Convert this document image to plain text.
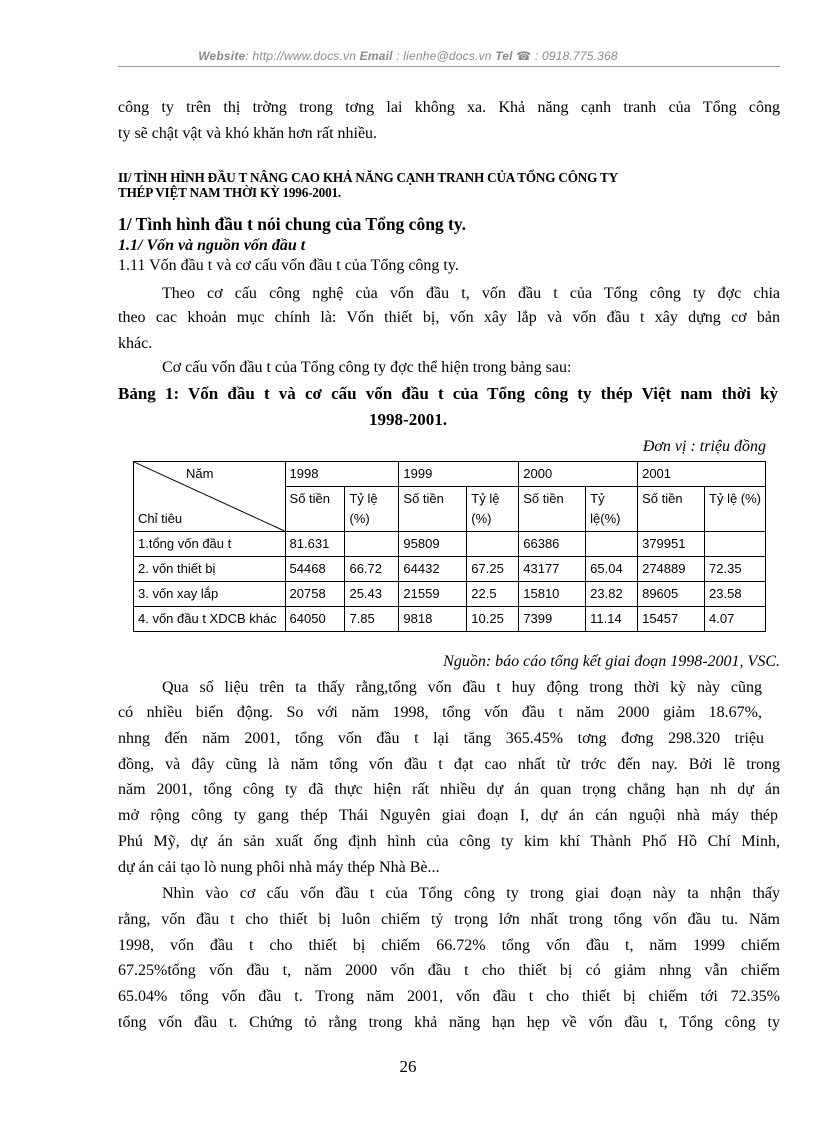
Website: http://www.docs.vn Email : lienhe@docs.vn Tel ☎ : 0918.775.368
công ty trên thị trờng trong tơng lai không xa. Khả năng cạnh tranh của Tổng công
ty sẽ chật vật và khó khăn hơn rất nhiều.
II/ TÌNH HÌNH ĐẦU T NÂNG CAO KHẢ NĂNG CẠNH TRANH CỦA TỔNG CÔNG TY
THÉP VIỆT NAM THỜI KỲ 1996-2001.
1/ Tình hình đầu t nói chung của Tổng công ty.
1.1/ Vốn và nguồn vốn đầu t
1.11 Vốn đầu t và cơ cấu vốn đầu t của Tổng công ty.
Theo cơ cấu công nghệ của vốn đầu t, vốn đầu t của Tổng công ty đợc chia
theo cac khoản mục chính là: Vốn thiết bị, vốn xây lắp và vốn đầu t xây dựng cơ bản
khác.
Cơ cấu vốn đầu t của Tổng công ty đợc thể hiện trong bảng sau:
Bảng 1: Vốn đầu t và cơ cấu vốn đầu t của Tổng công ty thép Việt nam thời kỳ
1998-2001.
Đơn vị : triệu đồng
Năm
Chỉ tiêu	1998		1999		2000		2001	
	Số tiền	Tỷ lệ (%)	Số tiền	Tỷ lệ (%)	Số tiền	Tỷ lệ(%)	Số tiền	Tỷ lệ (%)
1.tổng vốn đầu t	81.631		95809		66386		379951	
2. vốn thiết bị	54468	66.72	64432	67.25	43177	65.04	274889	72.35
3. vốn xay lắp	20758	25.43	21559	22.5	15810	23.82	89605	23.58
4. vốn đầu t XDCB khác	64050	7.85	9818	10.25	7399	11.14	15457	4.07
Nguồn: báo cáo tổng kết giai đoạn 1998-2001, VSC.
Qua số liệu trên ta thấy rằng,tổng vốn đầu t huy động trong thời kỳ này cũng
có nhiều biến động. So với năm 1998, tổng vốn đầu t năm 2000 giảm 18.67%,
nhng đến năm 2001, tổng vốn đầu t lại tăng 365.45% tơng đơng 298.320 triệu
đồng, và đây cũng là năm tổng vốn đầu t đạt cao nhất từ trớc đến nay. Bởi lẽ trong
năm 2001, tổng công ty đã thực hiện rất nhiều dự án quan trọng chẳng hạn nh dự án
mở rộng công ty gang thép Thái Nguyên giai đoạn I, dự án cán nguội nhà máy thép
Phú Mỹ, dự án sản xuất ống định hình của công ty kim khí Thành Phố Hồ Chí Minh,
dự án cải tạo lò nung phôi nhà máy thép Nhà Bè...
Nhìn vào cơ cấu vốn đầu t của Tổng công ty trong giai đoạn này ta nhận thấy
rằng, vốn đầu t cho thiết bị luôn chiếm tỷ trọng lớn nhất trong tổng vốn đầu tu. Năm
1998, vốn đầu t cho thiết bị chiếm 66.72% tổng vốn đầu t, năm 1999 chiếm
67.25%tổng vốn đầu t, năm 2000 vốn đầu t cho thiết bị có giảm nhng vẫn chiếm
65.04% tổng vốn đầu t. Trong năm 2001, vốn đầu t cho thiết bị chiếm tới 72.35%
tổng vốn đầu t. Chứng tỏ rằng trong khả năng hạn hẹp về vốn đầu t, Tổng công ty
26
